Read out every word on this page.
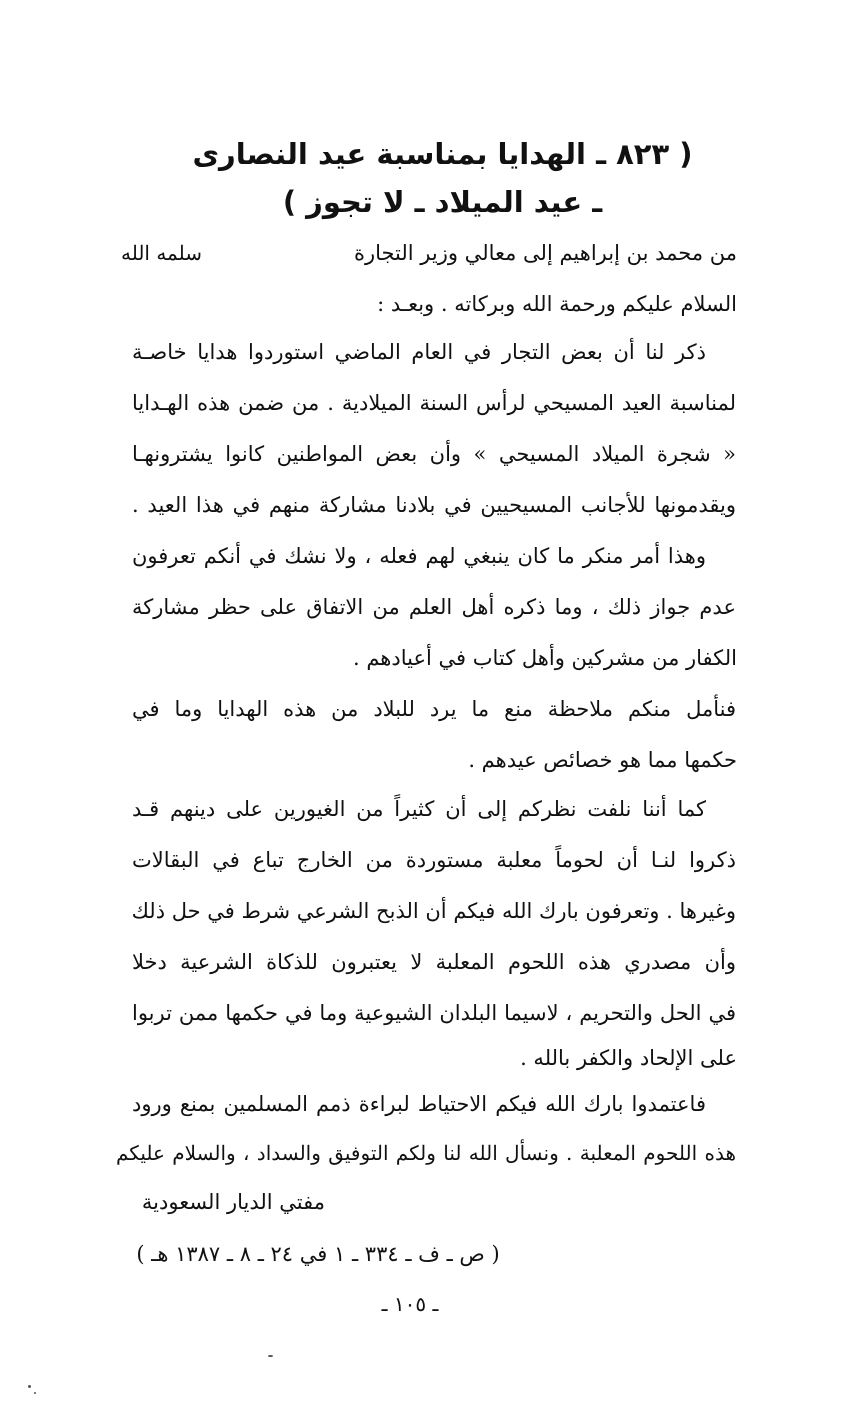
( ٨٢٣ ـ الهدايا بمناسبة عيد النصارى
ـ عيد الميلاد ـ لا تجوز )
من محمد بن إبراهيم إلى معالي وزير التجارة
سلمه الله
السلام عليكم ورحمة الله وبركاته . وبعـد :
ذكر لنا أن بعض التجار في العام الماضي استوردوا هدايا خاصـة
لمناسبة العيد المسيحي لرأس السنة الميلادية . من ضمن هذه الهـدايا
« شجرة الميلاد المسيحي » وأن بعض المواطنين كانوا يشترونهـا
ويقدمونها للأجانب المسيحيين في بلادنا مشاركة منهم في هذا العيد .
وهذا أمر منكر ما كان ينبغي لهم فعله ، ولا نشك في أنكم تعرفون
عدم جواز ذلك ، وما ذكره أهل العلم من الاتفاق على حظر مشاركة
الكفار من مشركين وأهل كتاب في أعيادهم .
فنأمل منكم ملاحظة منع ما يرد للبلاد من هذه الهدايا وما في
حكمها مما هو خصائص عيدهم .
كما أننا نلفت نظركم إلى أن كثيراً من الغيورين على دينهم قـد
ذكروا لنـا أن لحوماً معلبة مستوردة من الخارج تباع في البقالات
وغيرها . وتعرفون بارك الله فيكم أن الذبح الشرعي شرط في حل ذلك
وأن مصدري هذه اللحوم المعلبة لا يعتبرون للذكاة الشرعية دخلا
في الحل والتحريم ، لاسيما البلدان الشيوعية وما في حكمها ممن تربوا
على الإلحاد والكفر بالله .
فاعتمدوا بارك الله فيكم الاحتياط لبراءة ذمم المسلمين بمنع ورود
هذه اللحوم المعلبة . ونسأل الله لنا ولكم التوفيق والسداد ، والسلام عليكم
مفتي الديار السعودية
( ص ـ ف ـ ٣٣٤ ـ ١ في ٢٤ ـ ٨ ـ ١٣٨٧ هـ )
ـ ١٠٥ ـ
